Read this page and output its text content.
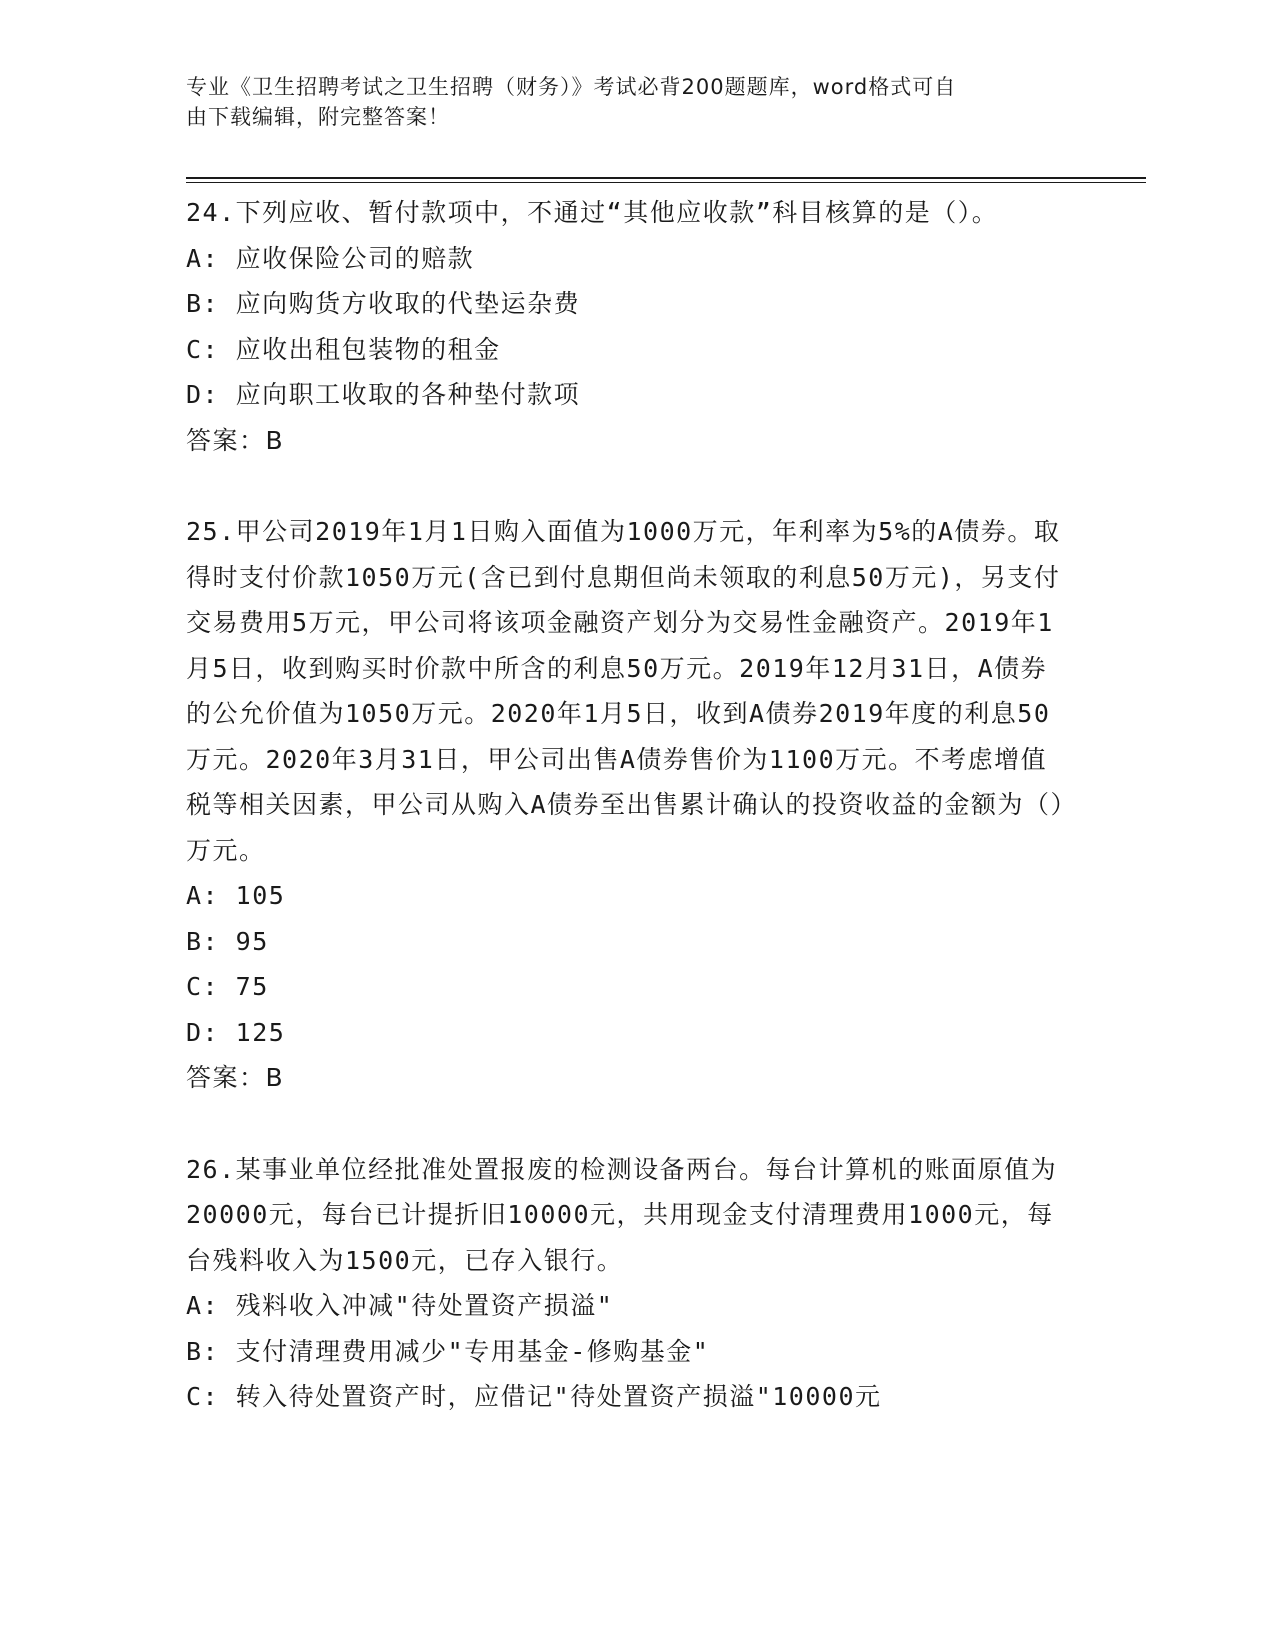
专业《卫生招聘考试之卫生招聘（财务）》考试必背200题题库，word格式可自
由下载编辑，附完整答案！

24.下列应收、暂付款项中，不通过“其他应收款”科目核算的是（）。

A: 应收保险公司的赔款

B: 应向购货方收取的代垫运杂费

C: 应收出租包装物的租金

D: 应向职工收取的各种垫付款项

答案：B

25.甲公司2019年1月1日购入面值为1000万元，年利率为5%的A债券。取得时支付价款1050万元(含已到付息期但尚未领取的利息50万元)，另支付交易费用5万元，甲公司将该项金融资产划分为交易性金融资产。2019年1月5日，收到购买时价款中所含的利息50万元。2019年12月31日，A债券的公允价值为1050万元。2020年1月5日，收到A债券2019年度的利息50万元。2020年3月31日，甲公司出售A债券售价为1100万元。不考虑增值税等相关因素，甲公司从购入A债券至出售累计确认的投资收益的金额为（）万元。

A: 105

B: 95

C: 75

D: 125

答案：B

26.某事业单位经批准处置报废的检测设备两台。每台计算机的账面原值为20000元，每台已计提折旧10000元，共用现金支付清理费用1000元，每台残料收入为1500元，已存入银行。

A: 残料收入冲减"待处置资产损溢"

B: 支付清理费用减少"专用基金-修购基金"

C: 转入待处置资产时，应借记"待处置资产损溢"10000元
